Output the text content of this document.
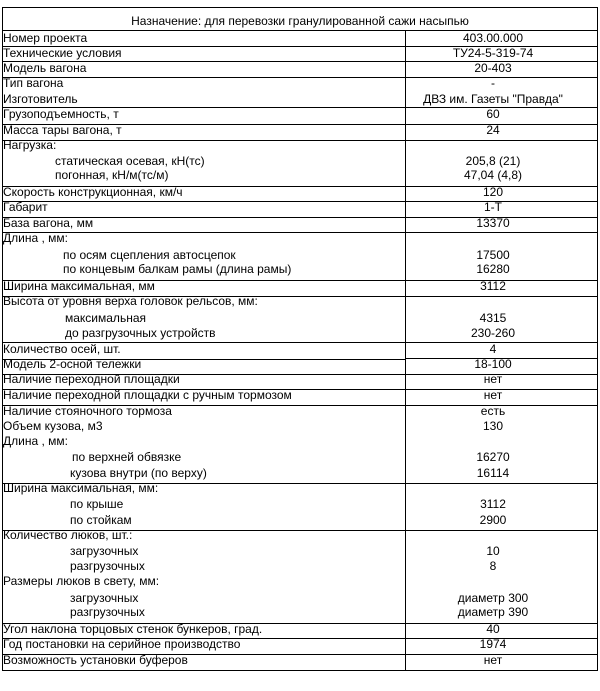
Назначение: для перевозки гранулированной сажи насыпью
Номер проекта	403.00.000
Технические условия	ТУ24-5-319-74
Модель вагона	20-403
Тип вагона	-
Изготовитель	ДВЗ им. Газеты "Правда"
Грузоподъемность, т	60
Масса тары вагона, т	24
Нагрузка:
статическая осевая, кН(тс)	205,8 (21)
погонная, кН/м(тс/м)	47,04 (4,8)
Скорость конструкционная, км/ч	120
Габарит	1-Т
База вагона, мм	13370
Длина , мм:
по осям сцепления автосцепок	17500
по концевым балкам рамы (длина рамы)	16280
Ширина максимальная, мм	3112
Высота от уровня верха головок рельсов, мм:
максимальная	4315
до разгрузочных устройств	230-260
Количество осей, шт.	4
Модель 2-осной тележки	18-100
Наличие переходной площадки	нет
Наличие переходной площадки с ручным тормозом	нет
Наличие стояночного тормоза	есть
Объем кузова, м3	130
Длина , мм:
по верхней обвязке	16270
кузова внутри (по верху)	16114
Ширина максимальная, мм:
по крыше	3112
по стойкам	2900
Количество люков, шт.:
загрузочных	10
разгрузочных	8
Размеры люков в свету, мм:
загрузочных	диаметр 300
разгрузочных	диаметр 390
Угол наклона торцовых стенок бункеров, град.	40
Год постановки на серийное производство	1974
Возможность установки буферов	нет
